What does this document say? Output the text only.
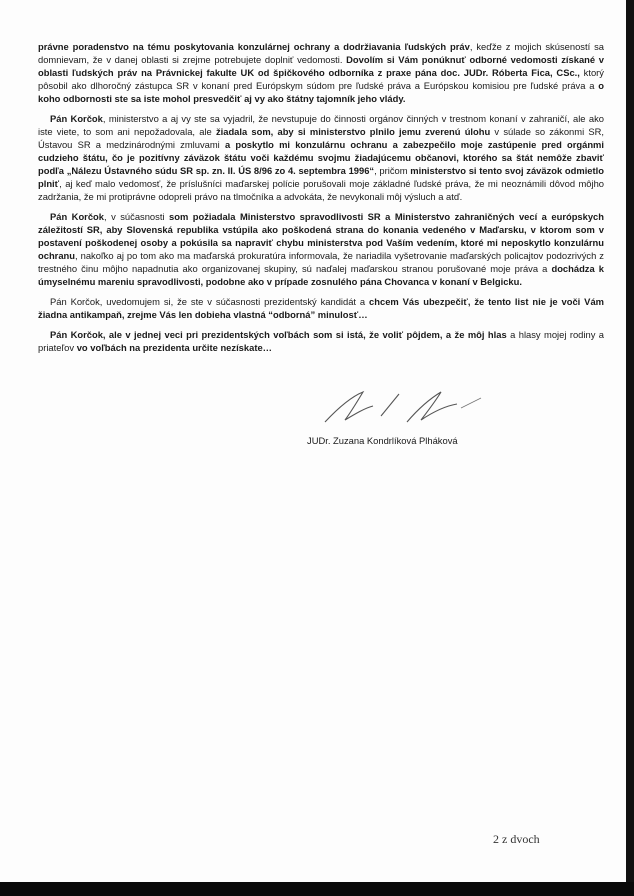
právne poradenstvo na tému poskytovania konzulárnej ochrany a dodržiavania ľudských práv, keďže z mojich skúseností sa domnievam, že v danej oblasti si zrejme potrebujete doplniť vedomosti. Dovolím si Vám ponúknuť odborné vedomosti získané v oblasti ľudských práv na Právnickej fakulte UK od špičkového odborníka z praxe pána doc. JUDr. Róberta Fica, CSc., ktorý pôsobil ako dlhoročný zástupca SR v konaní pred Európskym súdom pre ľudské práva a Európskou komisiou pre ľudské práva a o koho odbornosti ste sa iste mohol presvedčiť aj vy ako štátny tajomník jeho vlády.

Pán Korčok, ministerstvo a aj vy ste sa vyjadril, že nevstupuje do činnosti orgánov činných v trestnom konaní v zahraničí, ale ako iste viete, to som ani nepožadovala, ale žiadala som, aby si ministerstvo plnilo jemu zverenú úlohu v súlade so zákonmi SR, Ústavou SR a medzinárodnými zmluvami a poskytlo mi konzulárnu ochranu a zabezpečilo moje zastúpenie pred orgánmi cudzieho štátu, čo je pozitívny záväzok štátu voči každému svojmu žiadajúcemu občanovi, ktorého sa štát nemôže zbaviť podľa „Nálezu Ústavného súdu SR sp. zn. II. ÚS 8/96 zo 4. septembra 1996“, pričom ministerstvo si tento svoj záväzok odmietlo plniť, aj keď malo vedomosť, že príslušníci maďarskej polície porušovali moje základné ľudské práva, že mi neoznámili dôvod môjho zadržania, že mi protiprávne odopreli právo na tlmočníka a advokáta, že nevykonali môj výsluch a atď.

Pán Korčok, v súčasnosti som požiadala Ministerstvo spravodlivosti SR a Ministerstvo zahraničných vecí a európskych záležitostí SR, aby Slovenská republika vstúpila ako poškodená strana do konania vedeného v Maďarsku, v ktorom som v postavení poškodenej osoby a pokúsila sa napraviť chybu ministerstva pod Vaším vedením, ktoré mi neposkytlo konzulárnu ochranu, nakoľko aj po tom ako ma maďarská prokuratúra informovala, že nariadila vyšetrovanie maďarských policajtov podozrivých z trestného činu môjho napadnutia ako organizovanej skupiny, sú naďalej maďarskou stranou porušované moje práva a dochádza k úmyselnému mareniu spravodlivosti, podobne ako v prípade zosnulého pána Chovanca v konaní v Belgicku.

Pán Korčok, uvedomujem si, že ste v súčasnosti prezidentský kandidát a chcem Vás ubezpečiť, že tento list nie je voči Vám žiadna antikampaň, zrejme Vás len dobieha vlastná “odborná” minulosť…

Pán Korčok, ale v jednej veci pri prezidentských voľbách som si istá, že voliť pôjdem, a že môj hlas a hlasy mojej rodiny a priateľov vo voľbách na prezidenta určite nezískate…

JUDr. Zuzana Kondrlíková Plháková
2 z dvoch
